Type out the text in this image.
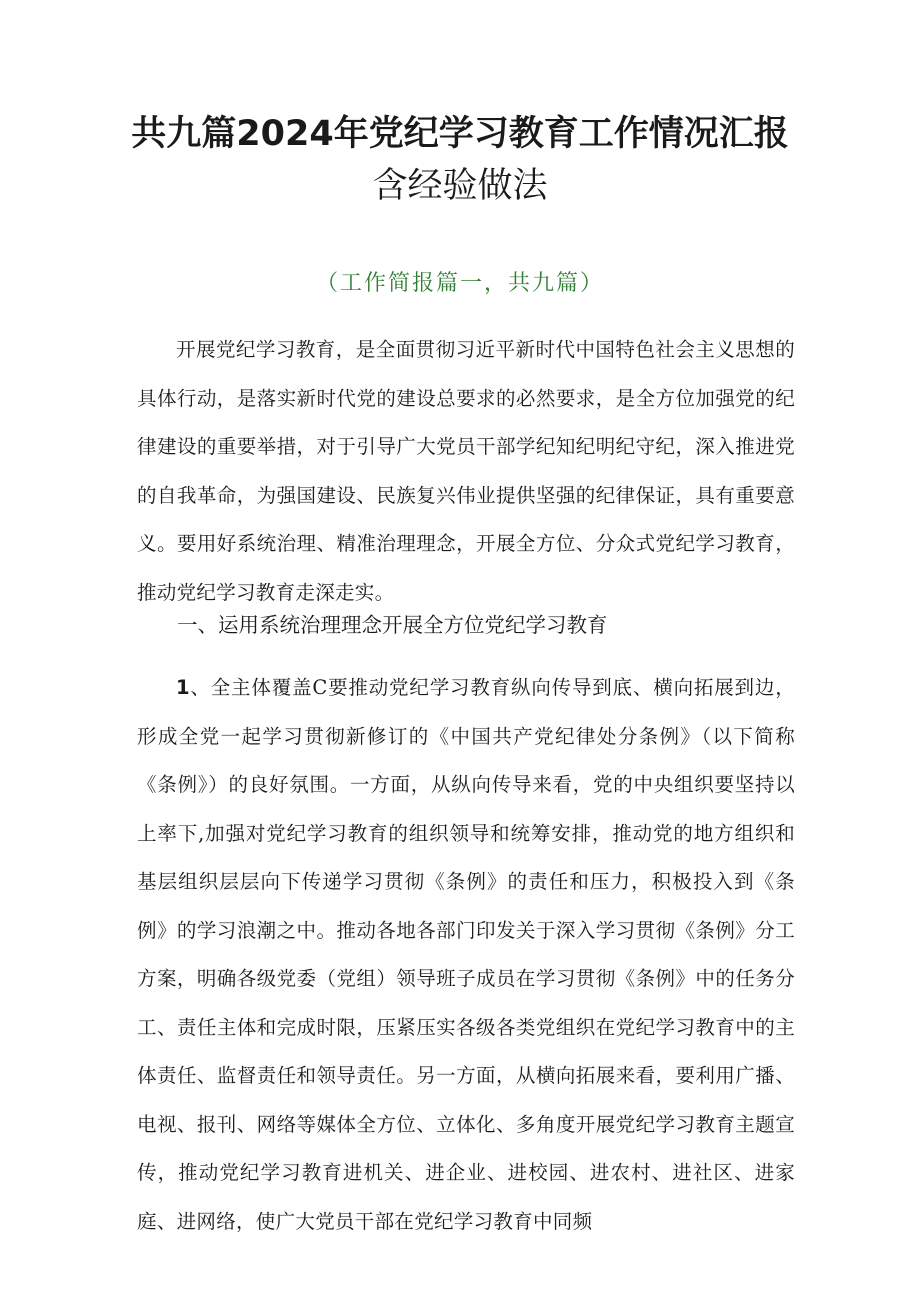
共九篇2024年党纪学习教育工作情况汇报
含经验做法
（工作简报篇一，共九篇）
开展党纪学习教育，是全面贯彻习近平新时代中国特色社会主义思想的具体行动，是落实新时代党的建设总要求的必然要求，是全方位加强党的纪律建设的重要举措，对于引导广大党员干部学纪知纪明纪守纪，深入推进党的自我革命，为强国建设、民族复兴伟业提供坚强的纪律保证，具有重要意义。要用好系统治理、精准治理理念，开展全方位、分众式党纪学习教育，推动党纪学习教育走深走实。
一、运用系统治理理念开展全方位党纪学习教育
1、全主体覆盖C要推动党纪学习教育纵向传导到底、横向拓展到边，形成全党一起学习贯彻新修订的《中国共产党纪律处分条例》（以下简称《条例》）的良好氛围。一方面，从纵向传导来看，党的中央组织要坚持以上率下,加强对党纪学习教育的组织领导和统筹安排，推动党的地方组织和基层组织层层向下传递学习贯彻《条例》的责任和压力，积极投入到《条例》的学习浪潮之中。推动各地各部门印发关于深入学习贯彻《条例》分工方案，明确各级党委（党组）领导班子成员在学习贯彻《条例》中的任务分工、责任主体和完成时限，压紧压实各级各类党组织在党纪学习教育中的主体责任、监督责任和领导责任。另一方面，从横向拓展来看，要利用广播、电视、报刊、网络等媒体全方位、立体化、多角度开展党纪学习教育主题宣传，推动党纪学习教育进机关、进企业、进校园、进农村、进社区、进家庭、进网络，使广大党员干部在党纪学习教育中同频
